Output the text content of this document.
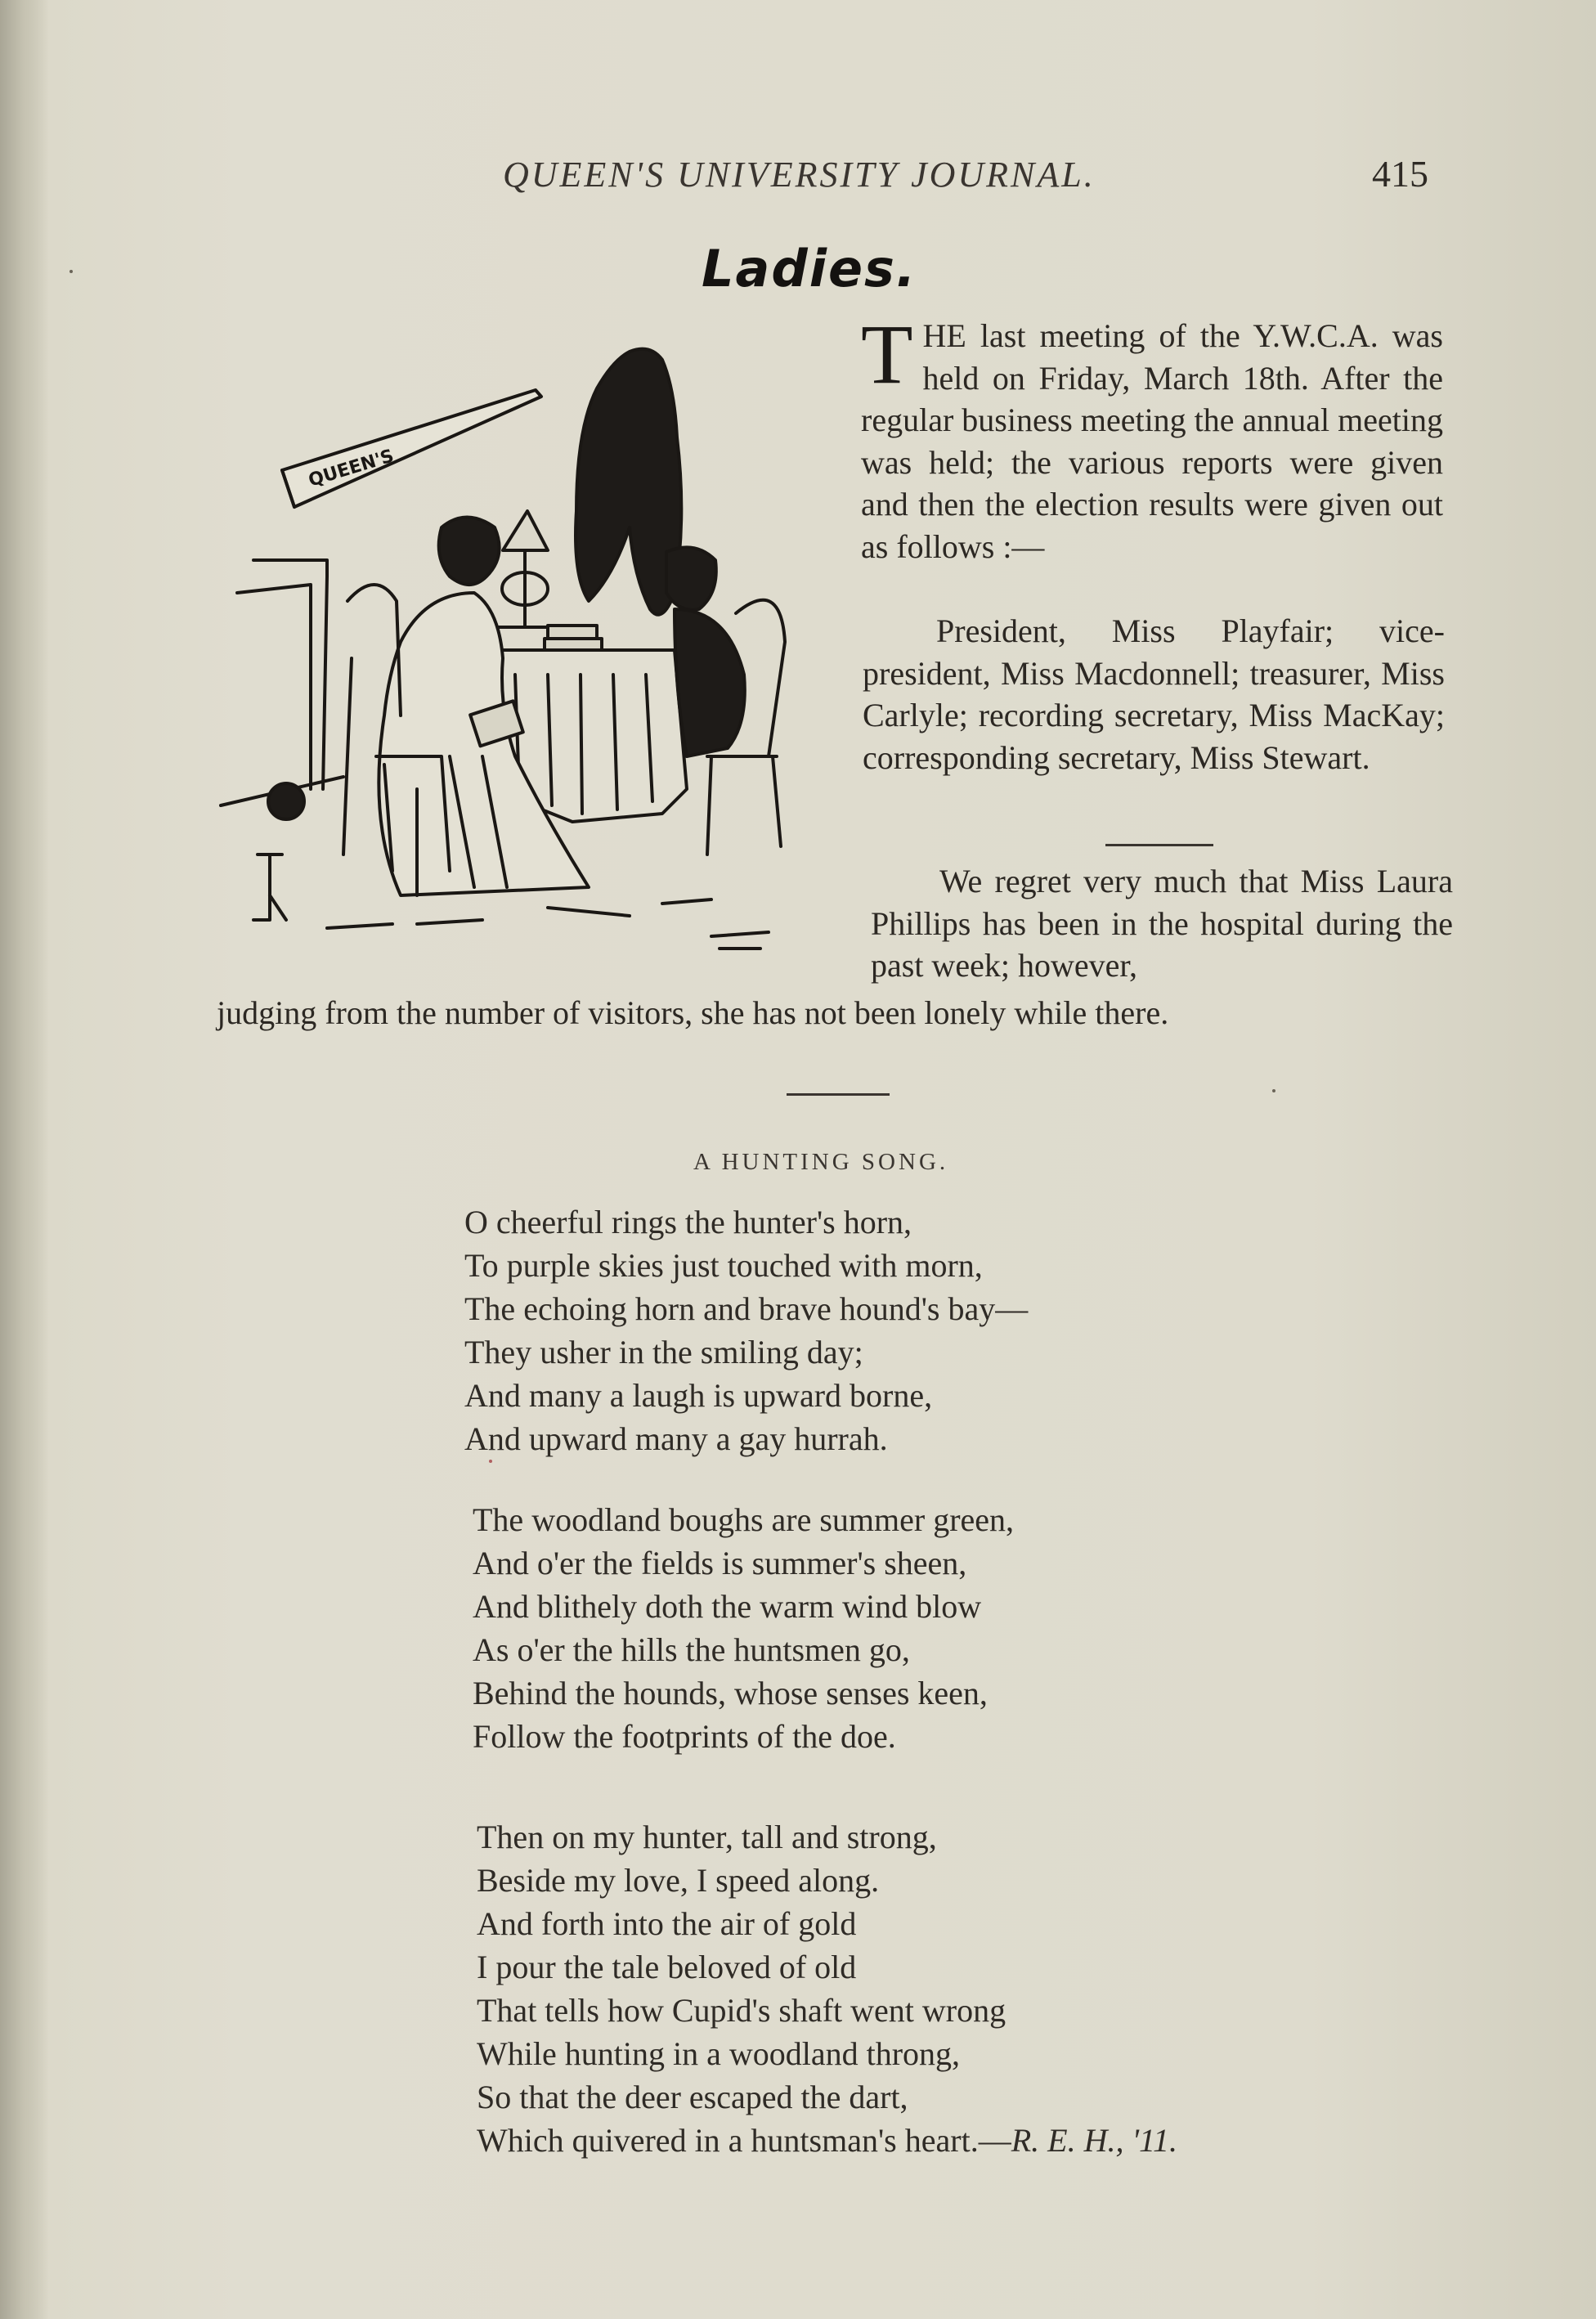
QUEEN'S UNIVERSITY JOURNAL.	415
Ladies.
QUEEN'S
T HE last meeting of the Y.W.C.A. was held on Friday, March 18th. After the regular business meeting the annual meeting was held; the various reports were given and then the election results were given out as follows :—
President, Miss Playfair; vice-president, Miss Macdonnell; treasurer, Miss Carlyle; recording secretary, Miss MacKay; corresponding secretary, Miss Stewart.
We regret very much that Miss Laura Phillips has been in the hospital during the past week; however,
judging from the number of visitors, she has not been lonely while there.
A HUNTING SONG.
O cheerful rings the hunter's horn,
To purple skies just touched with morn,
The echoing horn and brave hound's bay—
They usher in the smiling day;
And many a laugh is upward borne,
And upward many a gay hurrah.
The woodland boughs are summer green,
And o'er the fields is summer's sheen,
And blithely doth the warm wind blow
As o'er the hills the huntsmen go,
Behind the hounds, whose senses keen,
Follow the footprints of the doe.
Then on my hunter, tall and strong,
Beside my love, I speed along.
And forth into the air of gold
I pour the tale beloved of old
That tells how Cupid's shaft went wrong
While hunting in a woodland throng,
So that the deer escaped the dart,
Which quivered in a huntsman's heart.—R. E. H., '11.
